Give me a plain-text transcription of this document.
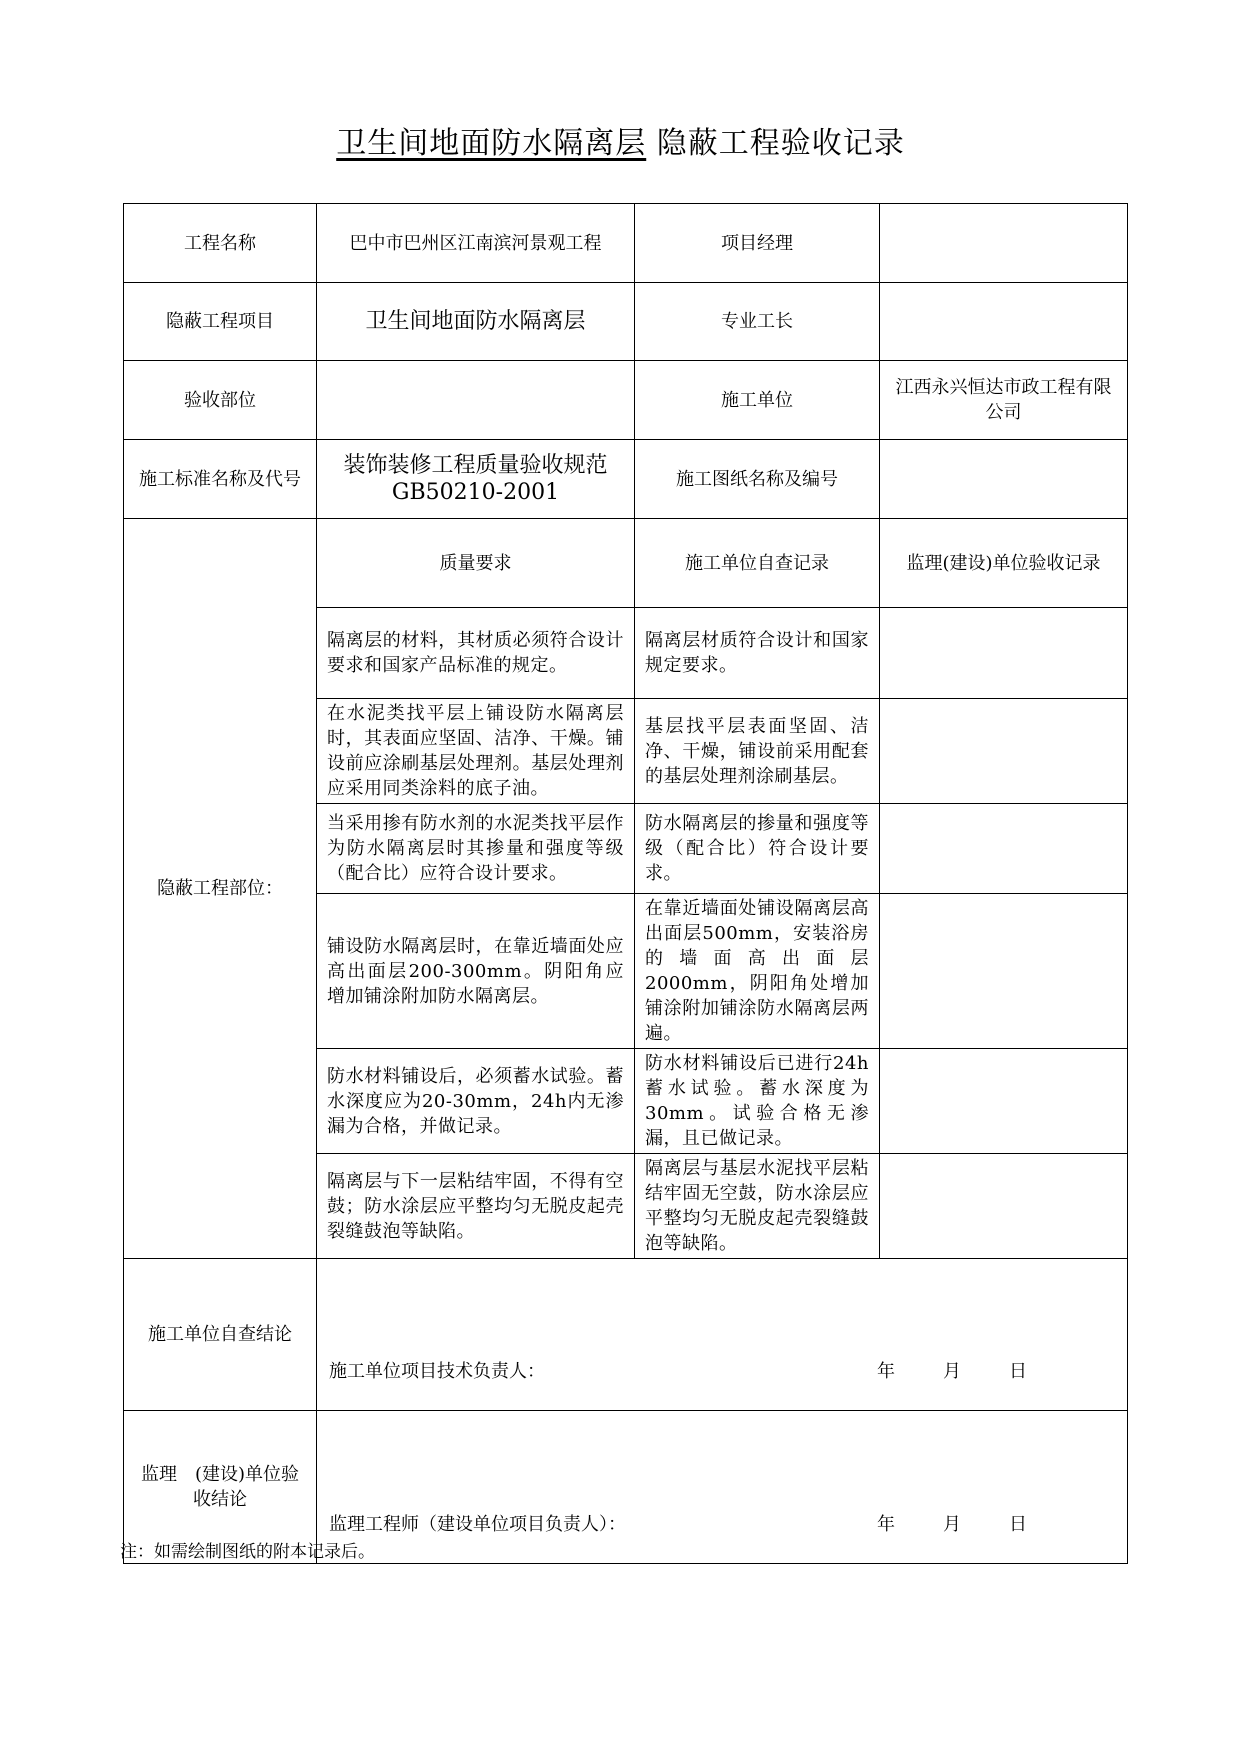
卫生间地面防水隔离层 隐蔽工程验收记录
工程名称	巴中市巴州区江南滨河景观工程	项目经理	
隐蔽工程项目	卫生间地面防水隔离层	专业工长	
验收部位		施工单位	江西永兴恒达市政工程有限公司
施工标准名称及代号	装饰装修工程质量验收规范 GB50210-2001	施工图纸名称及编号	
隐蔽工程部位：	质量要求	施工单位自查记录	监理(建设)单位验收记录
	隔离层的材料，其材质必须符合设计要求和国家产品标准的规定。	隔离层材质符合设计和国家规定要求。	
	在水泥类找平层上铺设防水隔离层时，其表面应坚固、洁净、干燥。铺设前应涂刷基层处理剂。基层处理剂应采用同类涂料的底子油。	基层找平层表面坚固、洁净、干燥，铺设前采用配套的基层处理剂涂刷基层。	
	当采用掺有防水剂的水泥类找平层作为防水隔离层时其掺量和强度等级（配合比）应符合设计要求。	防水隔离层的掺量和强度等级（配合比）符合设计要求。	
	铺设防水隔离层时，在靠近墙面处应高出面层200-300mm。阴阳角应增加铺涂附加防水隔离层。	在靠近墙面处铺设隔离层高出面层500mm，安装浴房的墙面高出面层2000mm，阴阳角处增加铺涂附加铺涂防水隔离层两遍。	
	防水材料铺设后，必须蓄水试验。蓄水深度应为20-30mm，24h内无渗漏为合格，并做记录。	防水材料铺设后已进行24h蓄水试验。蓄水深度为30mm。试验合格无渗漏，且已做记录。	
	隔离层与下一层粘结牢固，不得有空鼓；防水涂层应平整均匀无脱皮起壳裂缝鼓泡等缺陷。	隔离层与基层水泥找平层粘结牢固无空鼓，防水涂层应平整均匀无脱皮起壳裂缝鼓泡等缺陷。	
施工单位自查结论	施工单位项目技术负责人： 年 月 日		

监理　(建设)单位验收结论	监理工程师（建设单位项目负责人）： 年 月 日		
注：如需绘制图纸的附本记录后。
